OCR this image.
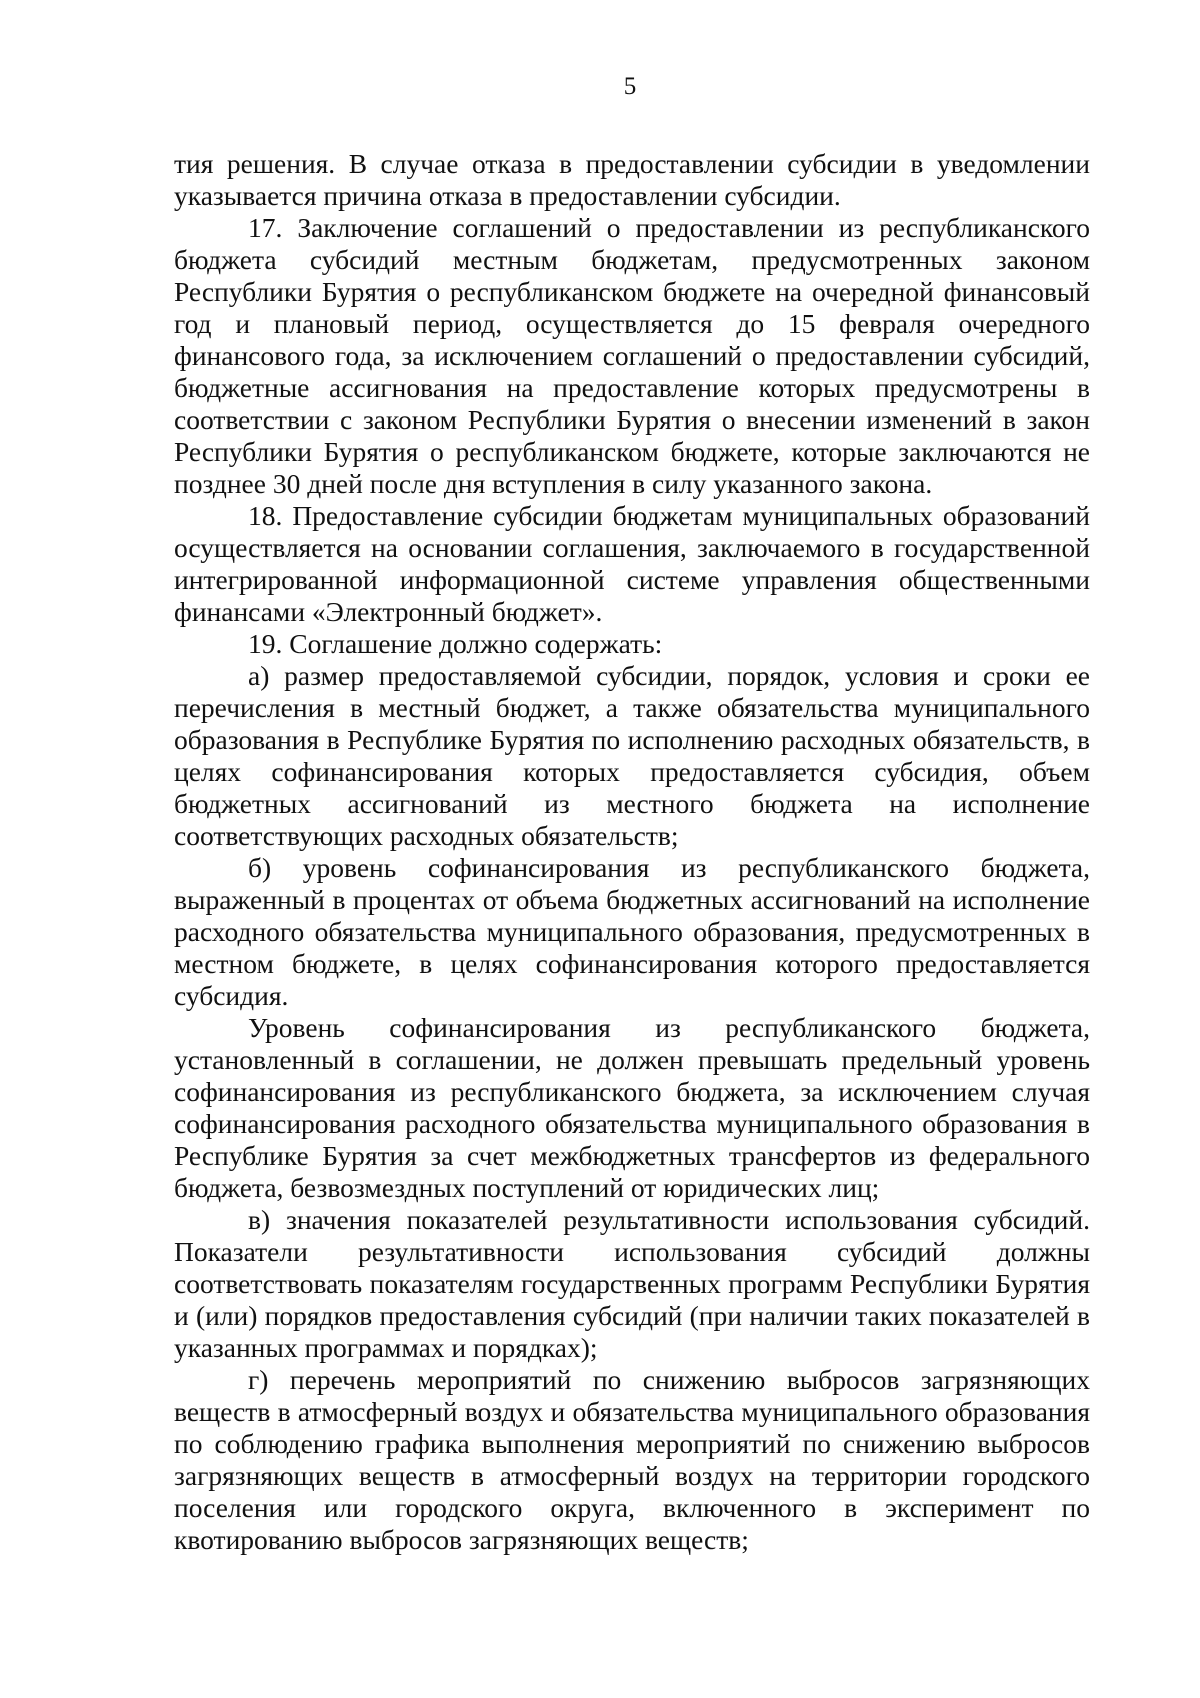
5

тия решения. В случае отказа в предоставлении субсидии в уведомлении указывается причина отказа в предоставлении субсидии.

17. Заключение соглашений о предоставлении из республиканского бюджета субсидий местным бюджетам, предусмотренных законом Республики Бурятия о республиканском бюджете на очередной финансовый год и плановый период, осуществляется до 15 февраля очередного финансового года, за исключением соглашений о предоставлении субсидий, бюджетные ассигнования на предоставление которых предусмотрены в соответствии с законом Республики Бурятия о внесении изменений в закон Республики Бурятия о республиканском бюджете, которые заключаются не позднее 30 дней после дня вступления в силу указанного закона.

18. Предоставление субсидии бюджетам муниципальных образований осуществляется на основании соглашения, заключаемого в государственной интегрированной информационной системе управления общественными финансами «Электронный бюджет».

19. Соглашение должно содержать:

а) размер предоставляемой субсидии, порядок, условия и сроки ее перечисления в местный бюджет, а также обязательства муниципального образования в Республике Бурятия по исполнению расходных обязательств, в целях софинансирования которых предоставляется субсидия, объем бюджетных ассигнований из местного бюджета на исполнение соответствующих расходных обязательств;

б) уровень софинансирования из республиканского бюджета, выраженный в процентах от объема бюджетных ассигнований на исполнение расходного обязательства муниципального образования, предусмотренных в местном бюджете, в целях софинансирования которого предоставляется субсидия.

Уровень софинансирования из республиканского бюджета, установленный в соглашении, не должен превышать предельный уровень софинансирования из республиканского бюджета, за исключением случая софинансирования расходного обязательства муниципального образования в Республике Бурятия за счет межбюджетных трансфертов из федерального бюджета, безвозмездных поступлений от юридических лиц;

в) значения показателей результативности использования субсидий. Показатели результативности использования субсидий должны соответствовать показателям государственных программ Республики Бурятия и (или) порядков предоставления субсидий (при наличии таких показателей в указанных программах и порядках);

г) перечень мероприятий по снижению выбросов загрязняющих веществ в атмосферный воздух и обязательства муниципального образования по соблюдению графика выполнения мероприятий по снижению выбросов загрязняющих веществ в атмосферный воздух на территории городского поселения или городского округа, включенного в эксперимент по квотированию выбросов загрязняющих веществ;
